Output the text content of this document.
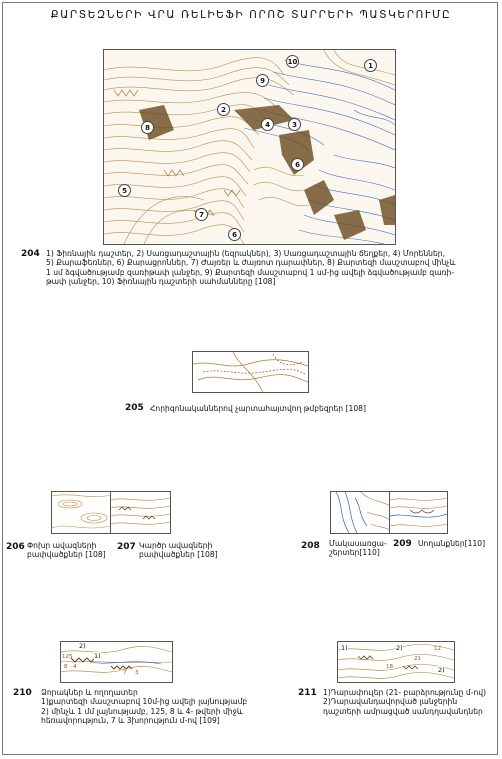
ՔԱՐՏԵԶՆԵՐԻ ՎՐԱ ՌԵԼԻԵՖԻ ՈՐՈՇ ՏԱՐՐԵՐԻ ՊԱՏԿԵՐՈՒՄԸ
1
2
3
4
5
6
6
7
8
9
10
204 1) Ֆիռնային դաշտեր, 2) Սառցադաշտային (եզրակներ), 3) Սառցադաշտային ճեղքեր, 4) Մորեններ,
5) Քարաֆեռներ, 6) Քարացրոններ, 7) Ժայռեր և ժայռոտ դարափներ, 8) Քարտեզի մասշտաբով մինչև
1 սմ ձգվածությամբ զառիթափ լանջեր, 9) Քարտեզի մասշտաբով 1 սմ-ից ավելի ձգվածությամբ զառի-
թափ լանջեր, 10) Ֆիռնային դաշտերի սահմանները [108]
205 Հորիզոնականներով չարտահայտվող թմբեզրեր [108]
206 Փոխր ավազների
բափվածքներ [108]
207 Կարծր ավազների
բափվածքներ [108]
208 Մակասառցա-
շերտեր[110]
209 Սողանքներ[110]
2)
1)
125
8 4
7 3
210 Ձորակներ և ողողատեր
1)քարտեզի մասշտաբով 10մ-ից ավելի լայնությամբ
2) մինչև 1 մմ լայնությամբ, 125, 8 և 4- թվերի միջև
հեռավորություն, 7 և 3խորություն մ-ով [109]
1)	2)
21
18	2)
12
211 1)Դարափուլեր (21- բարձրությունը մ-ով)
2)Դարավանդավորված լանջերին
դաշտերի ամրացված սանդղավանդներ
